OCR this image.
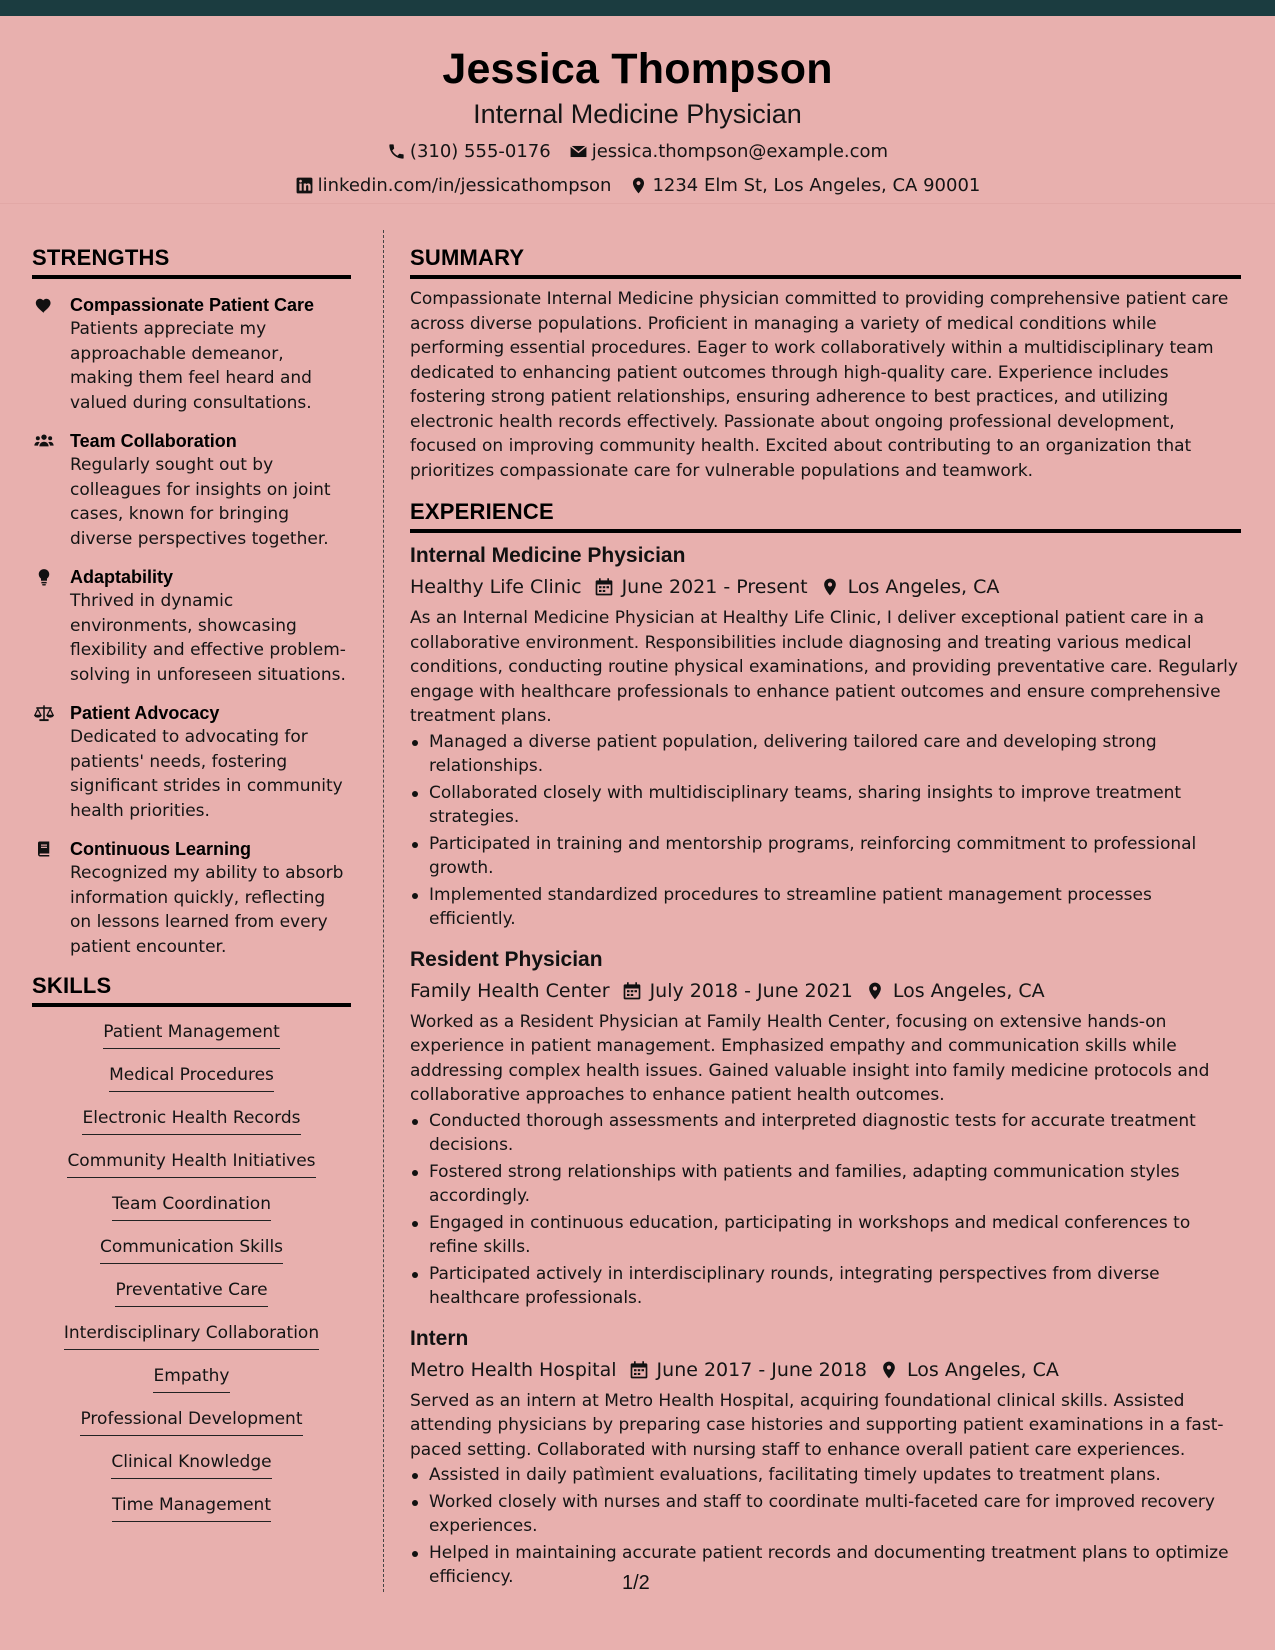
Jessica Thompson
Internal Medicine Physician
(310) 555-0176 jessica.thompson@example.com
linkedin.com/in/jessicathompson 1234 Elm St, Los Angeles, CA 90001
STRENGTHS
Compassionate Patient Care
Patients appreciate my approachable demeanor, making them feel heard and valued during consultations.
Team Collaboration
Regularly sought out by colleagues for insights on joint cases, known for bringing diverse perspectives together.
Adaptability
Thrived in dynamic environments, showcasing flexibility and effective problem-solving in unforeseen situations.
Patient Advocacy
Dedicated to advocating for patients' needs, fostering significant strides in community health priorities.
Continuous Learning
Recognized my ability to absorb information quickly, reflecting on lessons learned from every patient encounter.
SKILLS
Patient Management
Medical Procedures
Electronic Health Records
Community Health Initiatives
Team Coordination
Communication Skills
Preventative Care
Interdisciplinary Collaboration
Empathy
Professional Development
Clinical Knowledge
Time Management
SUMMARY
Compassionate Internal Medicine physician committed to providing comprehensive patient care across diverse populations. Proficient in managing a variety of medical conditions while performing essential procedures. Eager to work collaboratively within a multidisciplinary team dedicated to enhancing patient outcomes through high-quality care. Experience includes fostering strong patient relationships, ensuring adherence to best practices, and utilizing electronic health records effectively. Passionate about ongoing professional development, focused on improving community health. Excited about contributing to an organization that prioritizes compassionate care for vulnerable populations and teamwork.
EXPERIENCE
Internal Medicine Physician
Healthy Life Clinic June 2021 - Present Los Angeles, CA
As an Internal Medicine Physician at Healthy Life Clinic, I deliver exceptional patient care in a collaborative environment. Responsibilities include diagnosing and treating various medical conditions, conducting routine physical examinations, and providing preventative care. Regularly engage with healthcare professionals to enhance patient outcomes and ensure comprehensive treatment plans.
Managed a diverse patient population, delivering tailored care and developing strong relationships.
Collaborated closely with multidisciplinary teams, sharing insights to improve treatment strategies.
Participated in training and mentorship programs, reinforcing commitment to professional growth.
Implemented standardized procedures to streamline patient management processes efficiently.
Resident Physician
Family Health Center July 2018 - June 2021 Los Angeles, CA
Worked as a Resident Physician at Family Health Center, focusing on extensive hands-on experience in patient management. Emphasized empathy and communication skills while addressing complex health issues. Gained valuable insight into family medicine protocols and collaborative approaches to enhance patient health outcomes.
Conducted thorough assessments and interpreted diagnostic tests for accurate treatment decisions.
Fostered strong relationships with patients and families, adapting communication styles accordingly.
Engaged in continuous education, participating in workshops and medical conferences to refine skills.
Participated actively in interdisciplinary rounds, integrating perspectives from diverse healthcare professionals.
Intern
Metro Health Hospital June 2017 - June 2018 Los Angeles, CA
Served as an intern at Metro Health Hospital, acquiring foundational clinical skills. Assisted attending physicians by preparing case histories and supporting patient examinations in a fast-paced setting. Collaborated with nursing staff to enhance overall patient care experiences.
Assisted in daily patìmient evaluations, facilitating timely updates to treatment plans.
Worked closely with nurses and staff to coordinate multi-faceted care for improved recovery experiences.
Helped in maintaining accurate patient records and documenting treatment plans to optimize efficiency.	1/2
